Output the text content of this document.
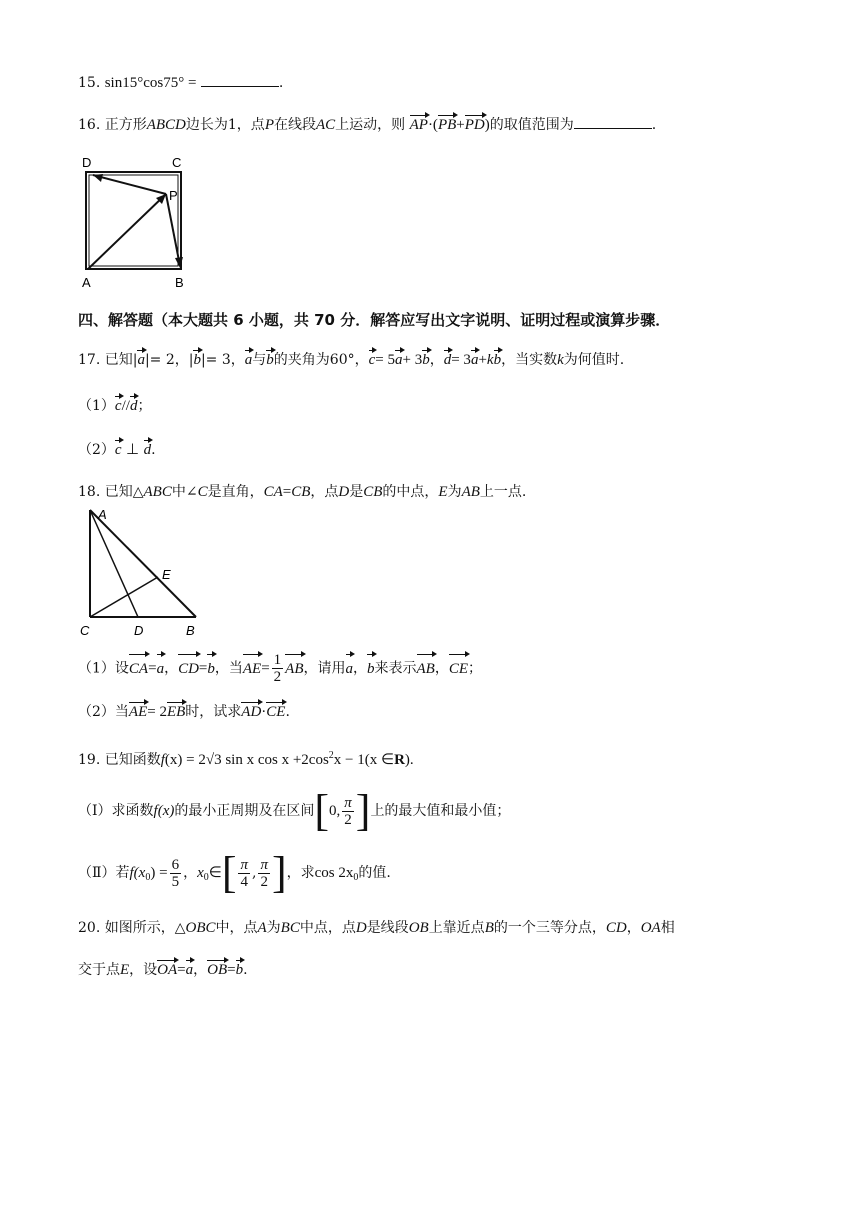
15. sin15°cos75° =	.
16. 正方形ABCD边长为1，点P在线段AC上运动，则 AP·(PB+PD)的取值范围为	.
D	C
P
A	B
四、解答题（本大题共 6 小题，共 70 分．解答应写出文字说明、证明过程或演算步骤．
17. 已知|a|= 2，|b|= 3，a与b的夹角为60°，c= 5a+ 3b，d= 3a+kb，当实数k为何值时.
（1）c//d；
（2）c ⊥ d.
18. 已知△ABC中∠C是直角，CA=CB，点D是CB的中点，E为AB上一点.
A
E
C	D	B
（1）设CA=a，CD=b，当$AE= \frac{1}{2}$ AB，请用a，b来表示AB，CE；
（2）当AE= 2EB时，试求AD·CE.
19. 已知函数f(x) = 2√3 sin x $\cos x +2\cos^2x - 1(x$ ∈R).
（Ⅰ）求函数f(x)的最小正周期及在区间[0, $\frac{\pi}{2}$ ]上的最大值和最小值；
（Ⅱ）若$f(x_0) = \frac{6}{5}$ ，$x_0\in[ \frac{\pi}{4}$ , $\frac{\pi}{2}$ ]，求$\cos 2x_0$的值.
20. 如图所示，△OBC中，点A为BC中点，点D是线段OB上靠近点B的一个三等分点，CD，OA相
交于点E，设OA=a，OB=b.
